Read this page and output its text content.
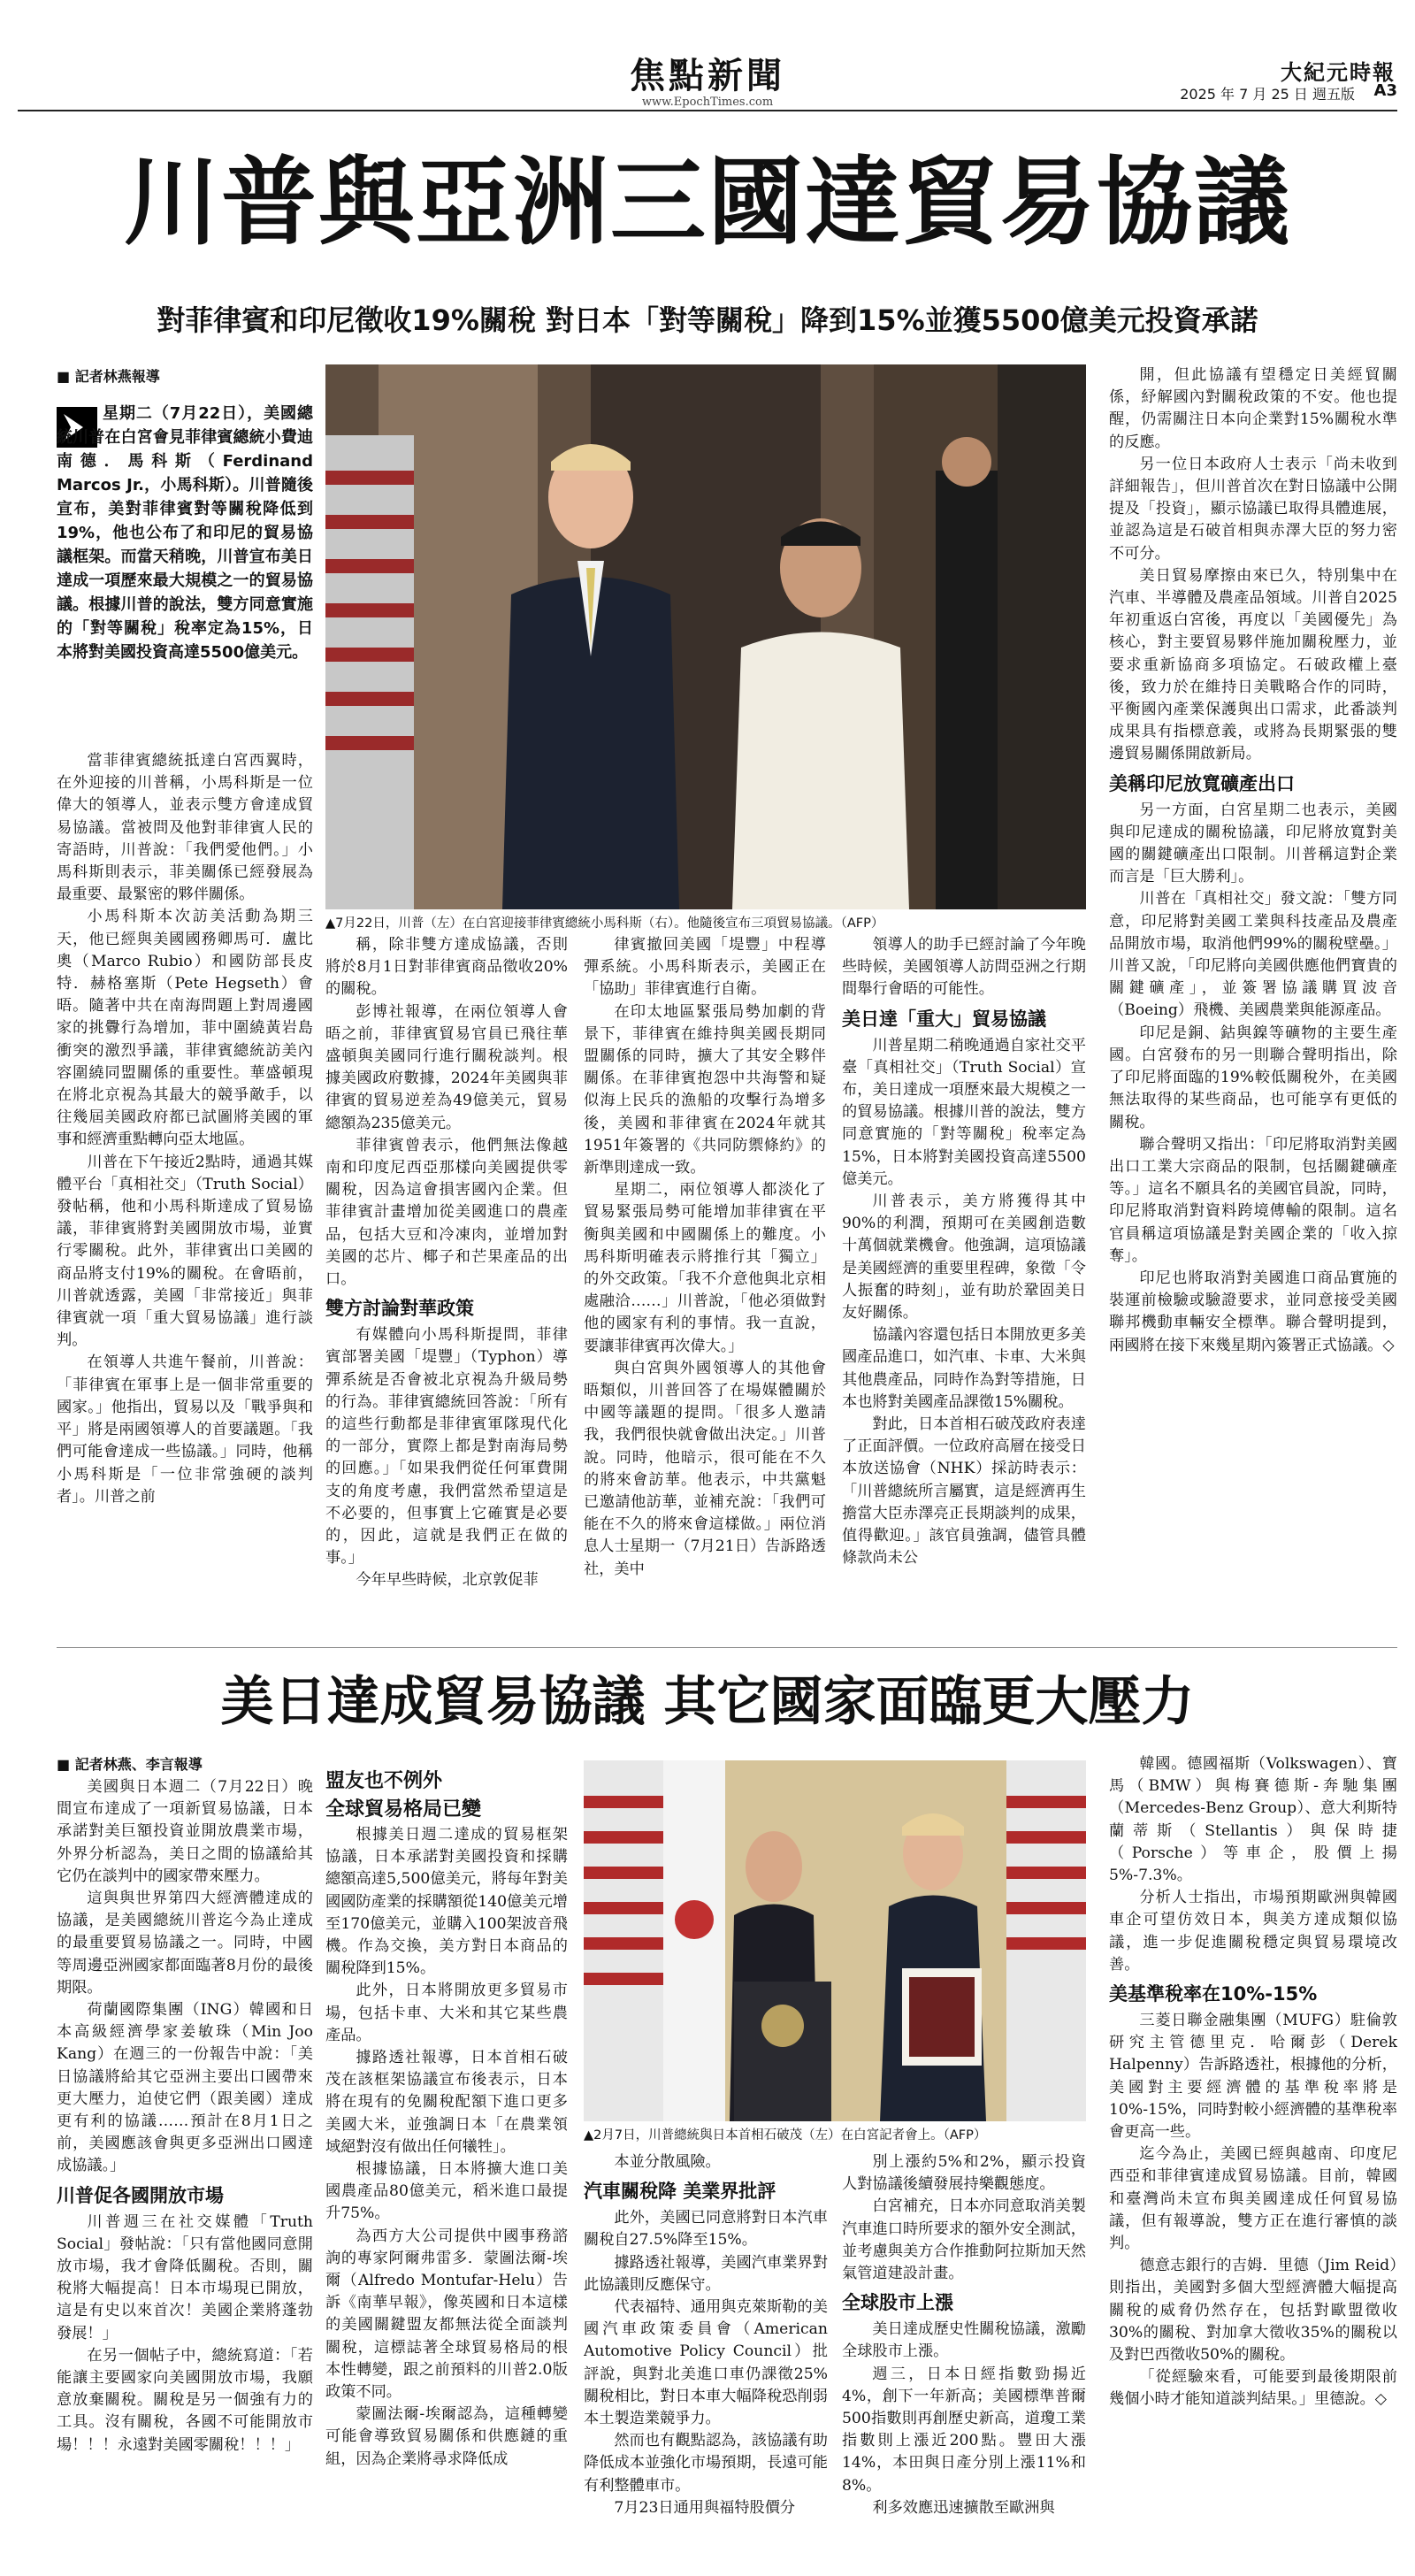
焦點新聞
www.EpochTimes.com
大紀元時報
2025 年 7 月 25 日 週五版	A3
川普與亞洲三國達貿易協議
對菲律賓和印尼徵收19%關稅 對日本「對等關稅」降到15%並獲5500億美元投資承諾
■ 記者林燕報導
星期二（7月22日），美國總統川普在白宮會見菲律賓總統小費迪南德．馬科斯（Ferdinand Marcos Jr.，小馬科斯）。川普隨後宣布，美對菲律賓對等關稅降低到19%，他也公布了和印尼的貿易協議框架。而當天稍晚，川普宣布美日達成一項歷來最大規模之一的貿易協議。根據川普的說法，雙方同意實施的「對等關稅」稅率定為15%，日本將對美國投資高達5500億美元。
▲7月22日，川普（左）在白宮迎接菲律賓總統小馬科斯（右）。他隨後宣布三項貿易協議。（AFP）

開，但此協議有望穩定日美經貿關係，紓解國內對關稅政策的不安。他也提醒，仍需關注日本向企業對15%關稅水準的反應。

另一位日本政府人士表示「尚未收到詳細報告」，但川普首次在對日協議中公開提及「投資」，顯示協議已取得具體進展，並認為這是石破首相與赤澤大臣的努力密不可分。

美日貿易摩擦由來已久，特別集中在汽車、半導體及農產品領域。川普自2025年初重返白宮後，再度以「美國優先」為核心，對主要貿易夥伴施加關稅壓力，並要求重新協商多項協定。石破政權上臺後，致力於在維持日美戰略合作的同時，平衡國內產業保護與出口需求，此番談判成果具有指標意義，或將為長期緊張的雙邊貿易關係開啟新局。

美稱印尼放寬礦產出口

另一方面，白宮星期二也表示，美國與印尼達成的關稅協議，印尼將放寬對美國的關鍵礦產出口限制。川普稱這對企業而言是「巨大勝利」。

川普在「真相社交」發文說：「雙方同意，印尼將對美國工業與科技產品及農產品開放市場，取消他們99%的關稅壁壘。」川普又說，「印尼將向美國供應他們寶貴的關鍵礦產」，並簽署協議購買波音（Boeing）飛機、美國農業與能源產品。

印尼是銅、鈷與鎳等礦物的主要生產國。白宮發布的另一則聯合聲明指出，除了印尼將面臨的19%較低關稅外，在美國無法取得的某些商品，也可能享有更低的關稅。

聯合聲明又指出：「印尼將取消對美國出口工業大宗商品的限制，包括關鍵礦產等。」這名不願具名的美國官員說，同時，印尼將取消對資料跨境傳輸的限制。這名官員稱這項協議是對美國企業的「收入掠奪」。

印尼也將取消對美國進口商品實施的裝運前檢驗或驗證要求，並同意接受美國聯邦機動車輛安全標準。聯合聲明提到，兩國將在接下來幾星期內簽署正式協議。◇

當菲律賓總統抵達白宮西翼時，在外迎接的川普稱，小馬科斯是一位偉大的領導人，並表示雙方會達成貿易協議。當被問及他對菲律賓人民的寄語時，川普說：「我們愛他們。」小馬科斯則表示，菲美關係已經發展為最重要、最緊密的夥伴關係。

小馬科斯本次訪美活動為期三天，他已經與美國國務卿馬可．盧比奧（Marco Rubio）和國防部長皮特．赫格塞斯（Pete Hegseth）會晤。隨著中共在南海問題上對周邊國家的挑釁行為增加，菲中圍繞黃岩島衝突的激烈爭議，菲律賓總統訪美內容圍繞同盟關係的重要性。華盛頓現在將北京視為其最大的競爭敵手，以往幾屆美國政府都已試圖將美國的軍事和經濟重點轉向亞太地區。

川普在下午接近2點時，通過其媒體平台「真相社交」（Truth Social）發帖稱，他和小馬科斯達成了貿易協議，菲律賓將對美國開放市場，並實行零關稅。此外，菲律賓出口美國的商品將支付19%的關稅。在會晤前，川普就透露，美國「非常接近」與菲律賓就一項「重大貿易協議」進行談判。

在領導人共進午餐前，川普說：「菲律賓在軍事上是一個非常重要的國家。」他指出，貿易以及「戰爭與和平」將是兩國領導人的首要議題。「我們可能會達成一些協議。」同時，他稱小馬科斯是「一位非常強硬的談判者」。川普之前

稱，除非雙方達成協議，否則將於8月1日對菲律賓商品徵收20%的關稅。

彭博社報導，在兩位領導人會晤之前，菲律賓貿易官員已飛往華盛頓與美國同行進行關稅談判。根據美國政府數據，2024年美國與菲律賓的貿易逆差為49億美元，貿易總額為235億美元。

菲律賓曾表示，他們無法像越南和印度尼西亞那樣向美國提供零關稅，因為這會損害國內企業。但菲律賓計畫增加從美國進口的農產品，包括大豆和冷凍肉，並增加對美國的芯片、椰子和芒果產品的出口。

雙方討論對華政策

有媒體向小馬科斯提問，菲律賓部署美國「堤豐」（Typhon）導彈系統是否會被北京視為升級局勢的行為。菲律賓總統回答說：「所有的這些行動都是菲律賓軍隊現代化的一部分，實際上都是對南海局勢的回應。」「如果我們從任何軍費開支的角度考慮，我們當然希望這是不必要的，但事實上它確實是必要的，因此，這就是我們正在做的事。」

今年早些時候，北京敦促菲

律賓撤回美國「堤豐」中程導彈系統。小馬科斯表示，美國正在「協助」菲律賓進行自衛。

在印太地區緊張局勢加劇的背景下，菲律賓在維持與美國長期同盟關係的同時，擴大了其安全夥伴關係。在菲律賓抱怨中共海警和疑似海上民兵的漁船的攻擊行為增多後，美國和菲律賓在2024年就其1951年簽署的《共同防禦條約》的新準則達成一致。

星期二，兩位領導人都淡化了貿易緊張局勢可能增加菲律賓在平衡與美國和中國關係上的難度。小馬科斯明確表示將推行其「獨立」的外交政策。「我不介意他與北京相處融洽……」川普說，「他必須做對他的國家有利的事情。我一直說，要讓菲律賓再次偉大。」

與白宮與外國領導人的其他會晤類似，川普回答了在場媒體關於中國等議題的提問。「很多人邀請我，我們很快就會做出決定。」川普說。同時，他暗示，很可能在不久的將來會訪華。他表示，中共黨魁已邀請他訪華，並補充說：「我們可能在不久的將來會這樣做。」兩位消息人士星期一（7月21日）告訴路透社，美中

領導人的助手已經討論了今年晚些時候，美國領導人訪問亞洲之行期間舉行會晤的可能性。

美日達「重大」貿易協議

川普星期二稍晚通過自家社交平臺「真相社交」（Truth Social）宣布，美日達成一項歷來最大規模之一的貿易協議。根據川普的說法，雙方同意實施的「對等關稅」稅率定為15%，日本將對美國投資高達5500億美元。

川普表示，美方將獲得其中90%的利潤，預期可在美國創造數十萬個就業機會。他強調，這項協議是美國經濟的重要里程碑，象徵「令人振奮的時刻」，並有助於鞏固美日友好關係。

協議內容還包括日本開放更多美國產品進口，如汽車、卡車、大米與其他農產品，同時作為對等措施，日本也將對美國產品課徵15%關稅。

對此，日本首相石破茂政府表達了正面評價。一位政府高層在接受日本放送協會（NHK）採訪時表示：「川普總統所言屬實，這是經濟再生擔當大臣赤澤亮正長期談判的成果，值得歡迎。」該官員強調，儘管具體條款尚未公

美日達成貿易協議 其它國家面臨更大壓力
■ 記者林燕、李言報導

美國與日本週二（7月22日）晚間宣布達成了一項新貿易協議，日本承諾對美巨額投資並開放農業市場，外界分析認為，美日之間的協議給其它仍在談判中的國家帶來壓力。

這與與世界第四大經濟體達成的協議，是美國總統川普迄今為止達成的最重要貿易協議之一。同時，中國等周邊亞洲國家都面臨著8月份的最後期限。

荷蘭國際集團（ING）韓國和日本高級經濟學家姜敏珠（Min Joo Kang）在週三的一份報告中說：「美日協議將給其它亞洲主要出口國帶來更大壓力，迫使它們（跟美國）達成更有利的協議……預計在8月1日之前，美國應該會與更多亞洲出口國達成協議。」

川普促各國開放市場

川普週三在社交媒體「Truth Social」發帖說：「只有當他國同意開放市場，我才會降低關稅。否則，關稅將大幅提高！日本市場現已開放，這是有史以來首次！美國企業將蓬勃發展！」

在另一個帖子中，總統寫道：「若能讓主要國家向美國開放市場，我願意放棄關稅。關稅是另一個強有力的工具。沒有關稅，各國不可能開放市場！！！永遠對美國零關稅！！！」

盟友也不例外
全球貿易格局已變

根據美日週二達成的貿易框架協議，日本承諾對美國投資和採購總額高達5,500億美元，將每年對美國國防產業的採購額從140億美元增至170億美元，並購入100架波音飛機。作為交換，美方對日本商品的關稅降到15%。

此外，日本將開放更多貿易市場，包括卡車、大米和其它某些農產品。

據路透社報導，日本首相石破茂在該框架協議宣布後表示，日本將在現有的免關稅配額下進口更多美國大米，並強調日本「在農業領域絕對沒有做出任何犧牲」。

根據協議，日本將擴大進口美國農產品80億美元，稻米進口最提升75%。

為西方大公司提供中國事務諮詢的專家阿爾弗雷多．蒙圖法爾-埃爾（Alfredo Montufar-Helu）告訴《南華早報》，像英國和日本這樣的美國關鍵盟友都無法從全面談判關稅，這標誌著全球貿易格局的根本性轉變，跟之前預料的川普2.0版政策不同。

蒙圖法爾-埃爾認為，這種轉變可能會導致貿易關係和供應鏈的重組，因為企業將尋求降低成

▲2月7日，川普總統與日本首相石破茂（左）在白宮記者會上。（AFP）

本並分散風險。

汽車關稅降 美業界批評

此外，美國已同意將對日本汽車關稅自27.5%降至15%。

據路透社報導，美國汽車業界對此協議則反應保守。

代表福特、通用與克萊斯勒的美國汽車政策委員會（American Automotive Policy Council）批評說，與對北美進口車仍課徵25%關稅相比，對日本車大幅降稅恐削弱本土製造業競爭力。

然而也有觀點認為，該協議有助降低成本並強化市場預期，長遠可能有利整體車市。

7月23日通用與福特股價分

別上漲約5%和2%，顯示投資人對協議後續發展持樂觀態度。

白宮補充，日本亦同意取消美製汽車進口時所要求的額外安全測試，並考慮與美方合作推動阿拉斯加天然氣管道建設計畫。

全球股市上漲

美日達成歷史性關稅協議，激勵全球股市上漲。

週三，日本日經指數勁揚近4%，創下一年新高；美國標準普爾500指數則再創歷史新高，道瓊工業指數則上漲近200點。豐田大漲14%，本田與日產分別上漲11%和8%。

利多效應迅速擴散至歐洲與

韓國。德國福斯（Volkswagen）、寶馬（BMW）與梅賽德斯-奔馳集團（Mercedes-Benz Group）、意大利斯特蘭蒂斯（Stellantis）與保時捷（Porsche）等車企，股價上揚5%-7.3%。

分析人士指出，市場預期歐洲與韓國車企可望仿效日本，與美方達成類似協議，進一步促進關稅穩定與貿易環境改善。

美基準稅率在10%-15%

三菱日聯金融集團（MUFG）駐倫敦研究主管德里克．哈爾彭（Derek Halpenny）告訴路透社，根據他的分析，美國對主要經濟體的基準稅率將是10%-15%，同時對較小經濟體的基準稅率會更高一些。

迄今為止，美國已經與越南、印度尼西亞和菲律賓達成貿易協議。目前，韓國和臺灣尚未宣布與美國達成任何貿易協議，但有報導說，雙方正在進行審慎的談判。

德意志銀行的吉姆．里德（Jim Reid）則指出，美國對多個大型經濟體大幅提高關稅的威脅仍然存在，包括對歐盟徵收30%的關稅、對加拿大徵收35%的關稅以及對巴西徵收50%的關稅。

「從經驗來看，可能要到最後期限前幾個小時才能知道談判結果。」里德說。◇
